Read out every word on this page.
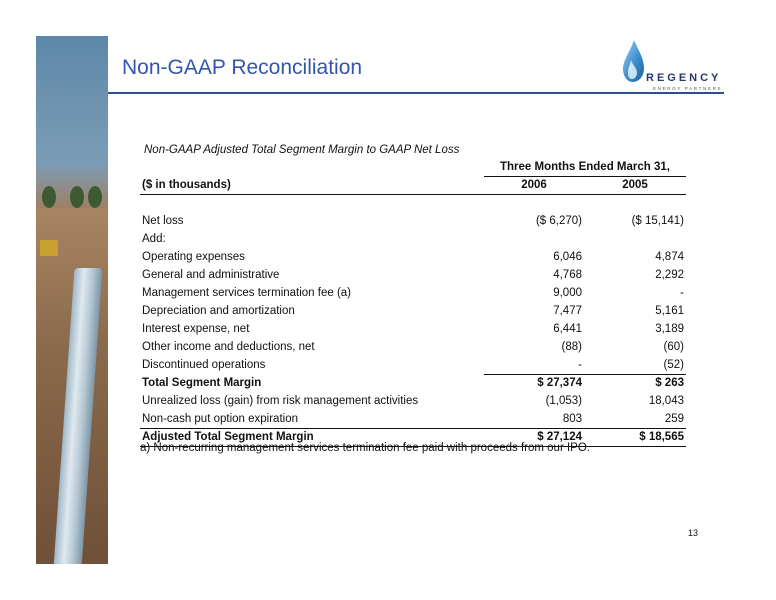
Non-GAAP Reconciliation	REGENCY
ENERGY PARTNERS
Non-GAAP Adjusted Total Segment Margin to GAAP Net Loss
	Three Months Ended March 31,	
($ in thousands)	2006	2005

Net loss	($ 6,270)	($ 15,141)
Add:		
Operating expenses	6,046	4,874
General and administrative	4,768	2,292
Management services termination fee (a)	9,000	-
Depreciation and amortization	7,477	5,161
Interest expense, net	6,441	3,189
Other income and deductions, net	(88)	(60)
Discontinued operations	-	(52)
Total Segment Margin	$ 27,374	$ 263
Unrealized loss (gain) from risk management activities	(1,053)	18,043
Non-cash put option expiration	803	259
Adjusted Total Segment Margin	$ 27,124	$ 18,565
a) Non-recurring management services termination fee paid with proceeds from our IPO.
13
